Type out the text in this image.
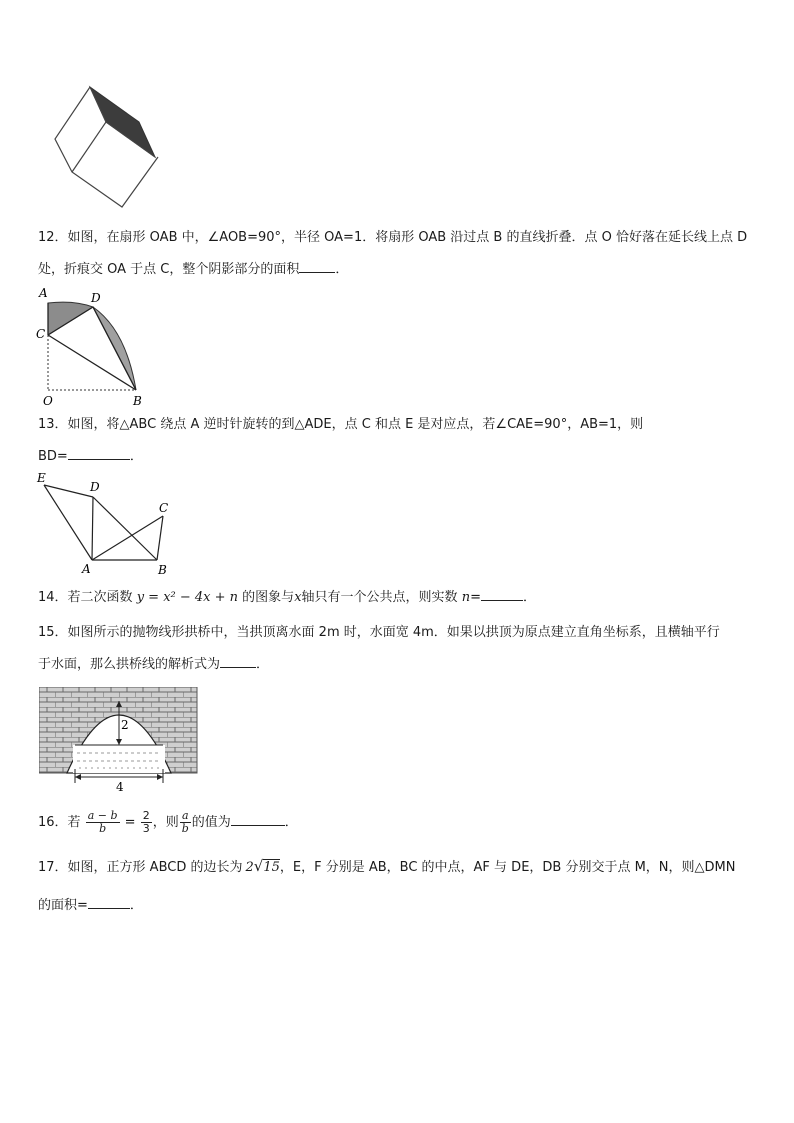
12．如图，在扇形 OAB 中，∠AOB=90°，半径 OA=1．将扇形 OAB 沿过点 B 的直线折叠．点 O 恰好落在延长线上点 D
处，折痕交 OA 于点 C，整个阴影部分的面积	．
A	D
C
O	B
13．如图，将△ABC 绕点 A 逆时针旋转的到△ADE，点 C 和点 E 是对应点，若∠CAE=90°，AB=1，则
BD=	．
E
D
C
A	B
14．若二次函数 y = x² − 4x + n 的图象与x轴只有一个公共点，则实数 n=	．
15．如图所示的抛物线形拱桥中，当拱顶离水面 2m 时，水面宽 4m．如果以拱顶为原点建立直角坐标系，且横轴平行
于水面，那么拱桥线的解析式为	．
2
4
16．若 $\frac{a - b}{b} = \frac{2}{3}$ ，则 $\frac{a}{b}$ 的值为	．
17．如图，正方形 ABCD 的边长为 2√15，E，F 分别是 AB，BC 的中点，AF 与 DE，DB 分别交于点 M，N，则△DMN
的面积=	．
